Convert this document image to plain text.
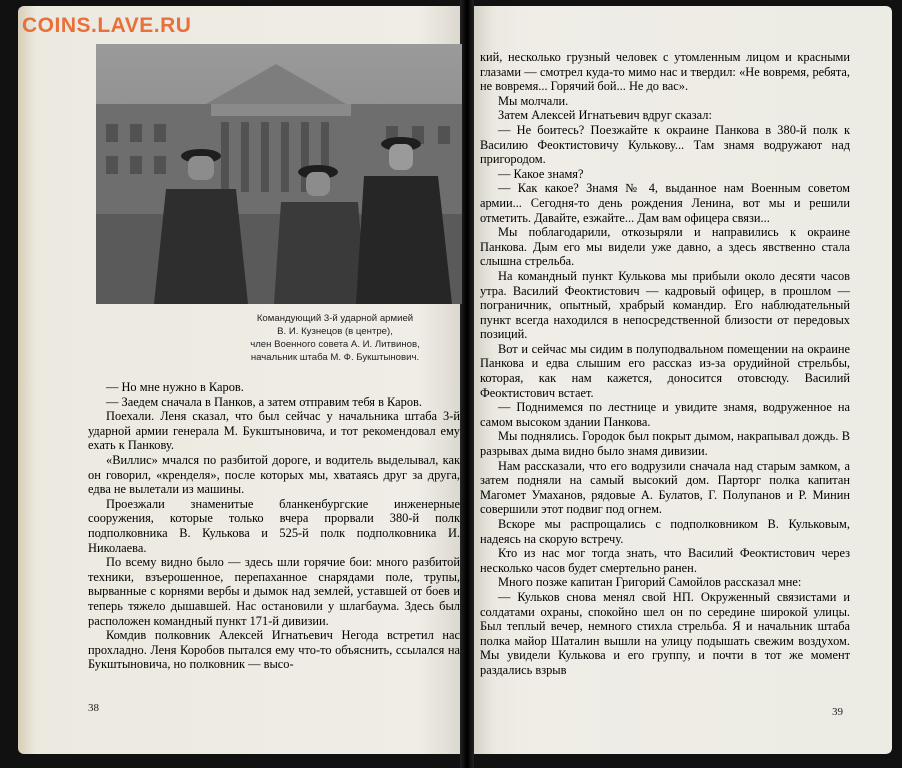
COINS.LAVE.RU
Командующий 3-й ударной армией
В. И. Кузнецов (в центре),
член Военного совета А. И. Литвинов,
начальник штаба М. Ф. Букштынович.

— Но мне нужно в Каров.

— Заедем сначала в Панков, а затем отправим тебя в Каров.

Поехали. Леня сказал, что был сейчас у начальника штаба 3-й ударной армии генерала М. Букштыновича, и тот рекомендовал ему ехать к Панкову.

«Виллис» мчался по разбитой дороге, и водитель выделывал, как он говорил, «кренделя», после которых мы, хватаясь друг за друга, едва не вылетали из машины.

Проезжали знаменитые бланкенбургские инженерные сооружения, которые только вчера прорвали 380-й полк подполковника В. Кулькова и 525-й полк подполковника И. Николаева.

По всему видно было — здесь шли горячие бои: много разбитой техники, взъерошенное, перепаханное снарядами поле, трупы, вырванные с корнями вербы и дымок над землей, уставшей от боев и теперь тяжело дышавшей. Нас остановили у шлагбаума. Здесь был расположен командный пункт 171-й дивизии.

Комдив полковник Алексей Игнатьевич Негода встретил нас прохладно. Леня Коробов пытался ему что-то объяснить, ссылался на Букштыновича, но полковник — высо-

38

кий, несколько грузный человек с утомленным лицом и красными глазами — смотрел куда-то мимо нас и твердил: «Не вовремя, ребята, не вовремя... Горячий бой... Не до вас».

Мы молчали.

Затем Алексей Игнатьевич вдруг сказал:

— Не боитесь? Поезжайте к окраине Панкова в 380-й полк к Василию Феоктистовичу Кулькову... Там знамя водружают над пригородом.

— Какое знамя?

— Как какое? Знамя № 4, выданное нам Военным советом армии... Сегодня-то день рождения Ленина, вот мы и решили отметить. Давайте, езжайте... Дам вам офицера связи...

Мы поблагодарили, откозыряли и направились к окраине Панкова. Дым его мы видели уже давно, а здесь явственно стала слышна стрельба.

На командный пункт Кулькова мы прибыли около десяти часов утра. Василий Феоктистович — кадровый офицер, в прошлом — пограничник, опытный, храбрый командир. Его наблюдательный пункт всегда находился в непосредственной близости от передовых позиций.

Вот и сейчас мы сидим в полуподвальном помещении на окраине Панкова и едва слышим его рассказ из-за орудийной стрельбы, которая, как нам кажется, доносится отовсюду. Василий Феоктистович встает.

— Поднимемся по лестнице и увидите знамя, водруженное на самом высоком здании Панкова.

Мы поднялись. Городок был покрыт дымом, накрапывал дождь. В разрывах дыма видно было знамя дивизии.

Нам рассказали, что его водрузили сначала над старым замком, а затем подняли на самый высокий дом. Парторг полка капитан Магомет Умаханов, рядовые А. Булатов, Г. Полупанов и Р. Минин совершили этот подвиг под огнем.

Вскоре мы распрощались с подполковником В. Кульковым, надеясь на скорую встречу.

Кто из нас мог тогда знать, что Василий Феоктистович через несколько часов будет смертельно ранен.

Много позже капитан Григорий Самойлов рассказал мне:

— Кульков снова менял свой НП. Окруженный связистами и солдатами охраны, спокойно шел он по середине широкой улицы. Был теплый вечер, немного стихла стрельба. Я и начальник штаба полка майор Шаталин вышли на улицу подышать свежим воздухом. Мы увидели Кулькова и его группу, и почти в тот же момент раздались взрыв

39
